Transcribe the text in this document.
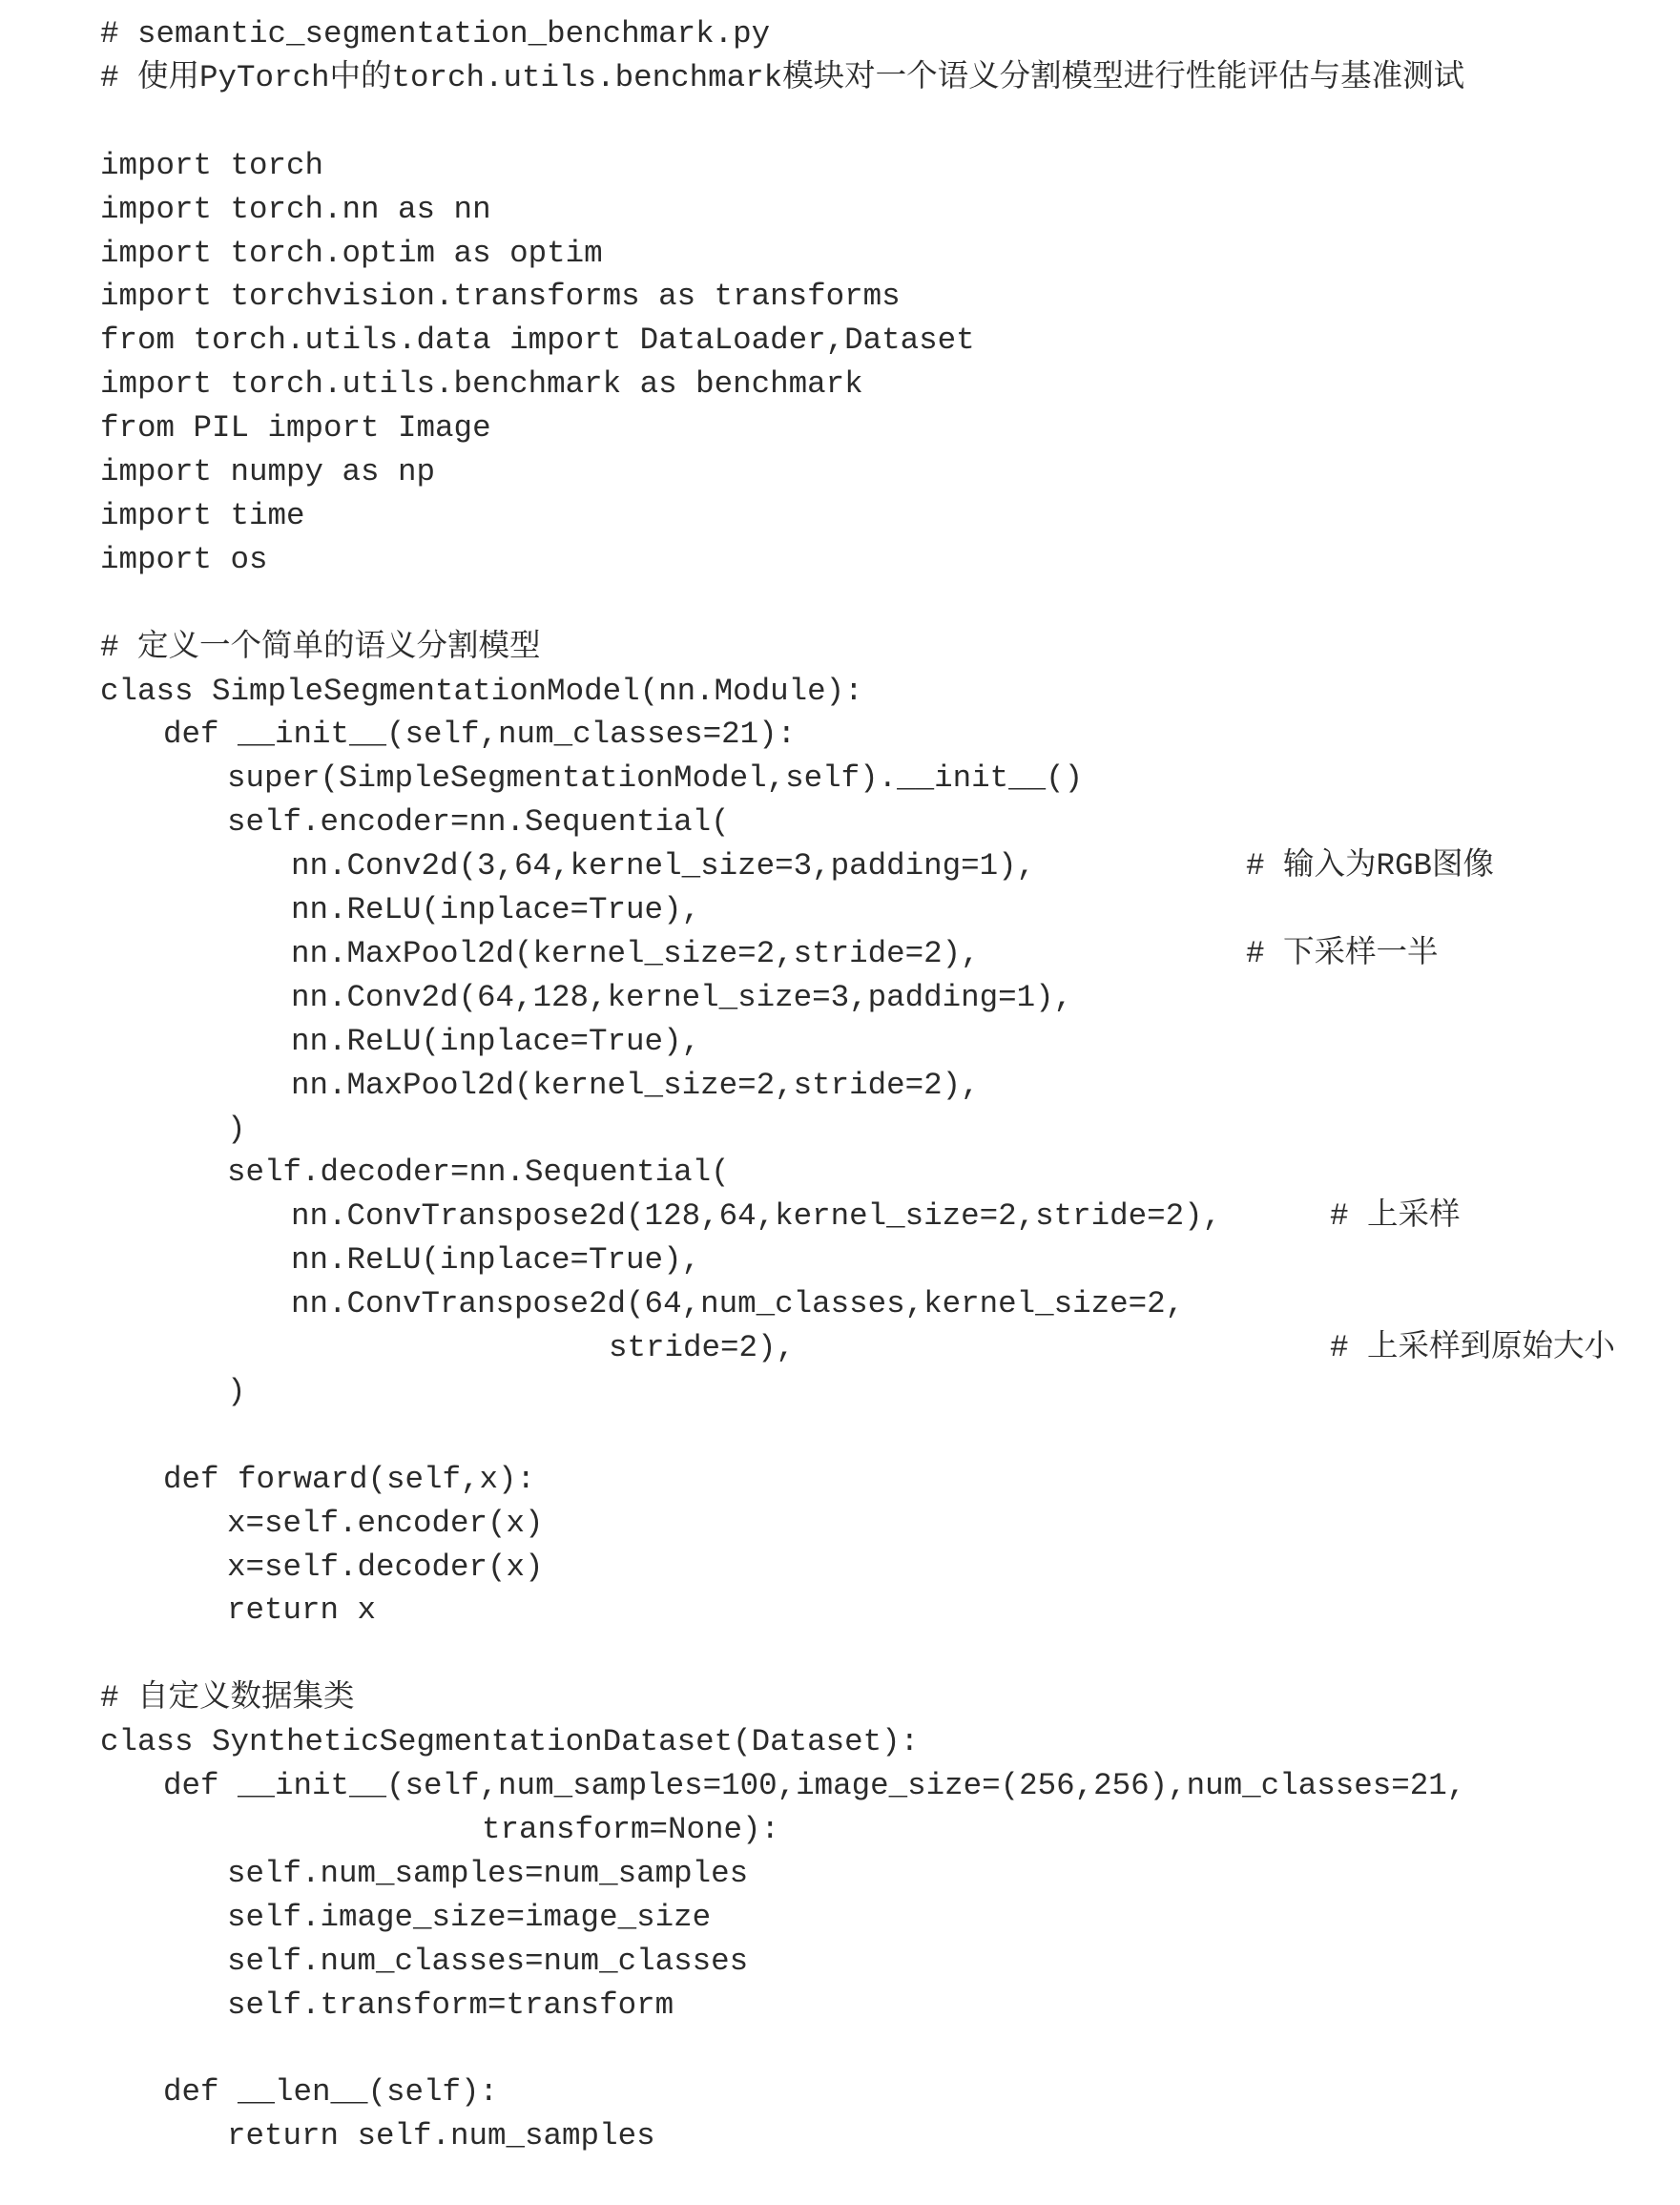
# semantic_segmentation_benchmark.py
# 使用PyTorch中的torch.utils.benchmark模块对一个语义分割模型进行性能评估与基准测试
import torch
import torch.nn as nn
import torch.optim as optim
import torchvision.transforms as transforms
from torch.utils.data import DataLoader,Dataset
import torch.utils.benchmark as benchmark
from PIL import Image
import numpy as np
import time
import os
# 定义一个简单的语义分割模型
class SimpleSegmentationModel(nn.Module):
def __init__(self,num_classes=21):
super(SimpleSegmentationModel,self).__init__()
self.encoder=nn.Sequential(
nn.Conv2d(3,64,kernel_size=3,padding=1),	# 输入为RGB图像
nn.ReLU(inplace=True),
nn.MaxPool2d(kernel_size=2,stride=2),	# 下采样一半
nn.Conv2d(64,128,kernel_size=3,padding=1),
nn.ReLU(inplace=True),
nn.MaxPool2d(kernel_size=2,stride=2),
)
self.decoder=nn.Sequential(
nn.ConvTranspose2d(128,64,kernel_size=2,stride=2),	# 上采样
nn.ReLU(inplace=True),
nn.ConvTranspose2d(64,num_classes,kernel_size=2,
stride=2),	# 上采样到原始大小
)
def forward(self,x):
x=self.encoder(x)
x=self.decoder(x)
return x
# 自定义数据集类
class SyntheticSegmentationDataset(Dataset):
def __init__(self,num_samples=100,image_size=(256,256),num_classes=21,
transform=None):
self.num_samples=num_samples
self.image_size=image_size
self.num_classes=num_classes
self.transform=transform
def __len__(self):
return self.num_samples
